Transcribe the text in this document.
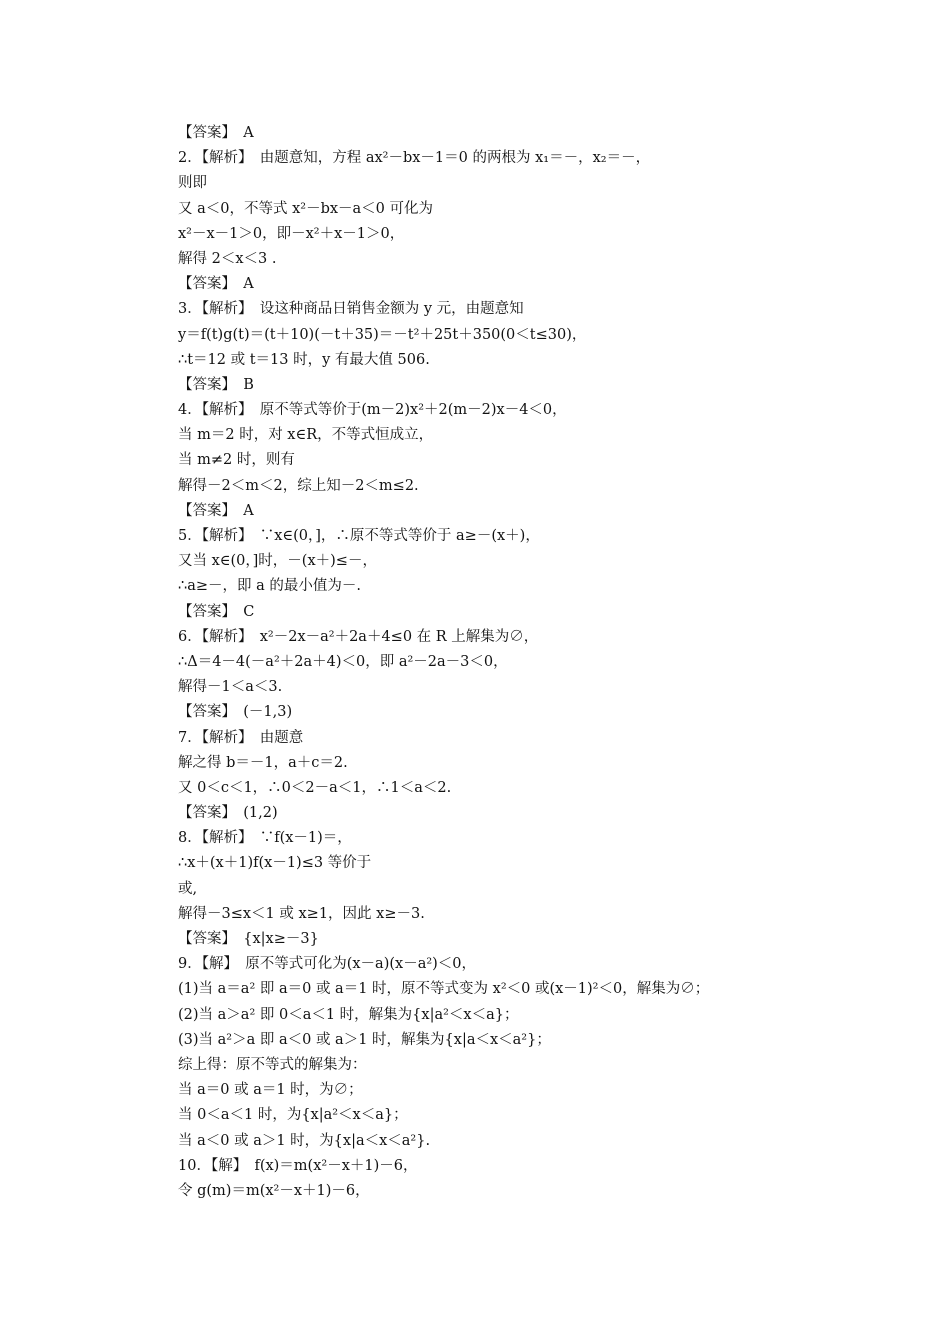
【答案】　A
2．【解析】　由题意知，方程 ax²－bx－1＝0 的两根为 x₁＝－，x₂＝－，
则即
又 a＜0，不等式 x²－bx－a＜0 可化为
x²－x－1＞0，即－x²＋x－1＞0，
解得 2＜x＜3 .
【答案】　A
3．【解析】　设这种商品日销售金额为 y 元，由题意知
y＝f(t)g(t)＝(t＋10)(－t＋35)＝－t²＋25t＋350(0＜t≤30)，
∴t＝12 或 t＝13 时，y 有最大值 506.
【答案】　B
4．【解析】　原不等式等价于(m－2)x²＋2(m－2)x－4＜0，
当 m＝2 时，对 x∈R，不等式恒成立，
当 m≠2 时，则有
解得－2＜m＜2，综上知－2＜m≤2.
【答案】　A
5．【解析】　∵x∈(0，]，∴原不等式等价于 a≥－(x＋)，
又当 x∈(0，]时，－(x＋)≤－，
∴a≥－，即 a 的最小值为－.
【答案】　C
6．【解析】　x²－2x－a²＋2a＋4≤0 在 R 上解集为∅，
∴Δ＝4－4(－a²＋2a＋4)＜0，即 a²－2a－3＜0，
解得－1＜a＜3.
【答案】　(－1,3)
7．【解析】　由题意
解之得 b＝－1，a＋c＝2.
又 0＜c＜1，∴0＜2－a＜1，∴1＜a＜2.
【答案】　(1,2)
8．【解析】　∵f(x－1)＝，
∴x＋(x＋1)f(x－1)≤3 等价于
或,
解得－3≤x＜1 或 x≥1，因此 x≥－3.
【答案】　{x|x≥－3}
9．【解】　原不等式可化为(x－a)(x－a²)＜0，
(1)当 a＝a² 即 a＝0 或 a＝1 时，原不等式变为 x²＜0 或(x－1)²＜0，解集为∅；
(2)当 a＞a² 即 0＜a＜1 时，解集为{x|a²＜x＜a}；
(3)当 a²＞a 即 a＜0 或 a＞1 时，解集为{x|a＜x＜a²}；
综上得：原不等式的解集为：
当 a＝0 或 a＝1 时，为∅；
当 0＜a＜1 时，为{x|a²＜x＜a}；
当 a＜0 或 a＞1 时，为{x|a＜x＜a²}.
10．【解】　f(x)＝m(x²－x＋1)－6，
令 g(m)＝m(x²－x＋1)－6，
